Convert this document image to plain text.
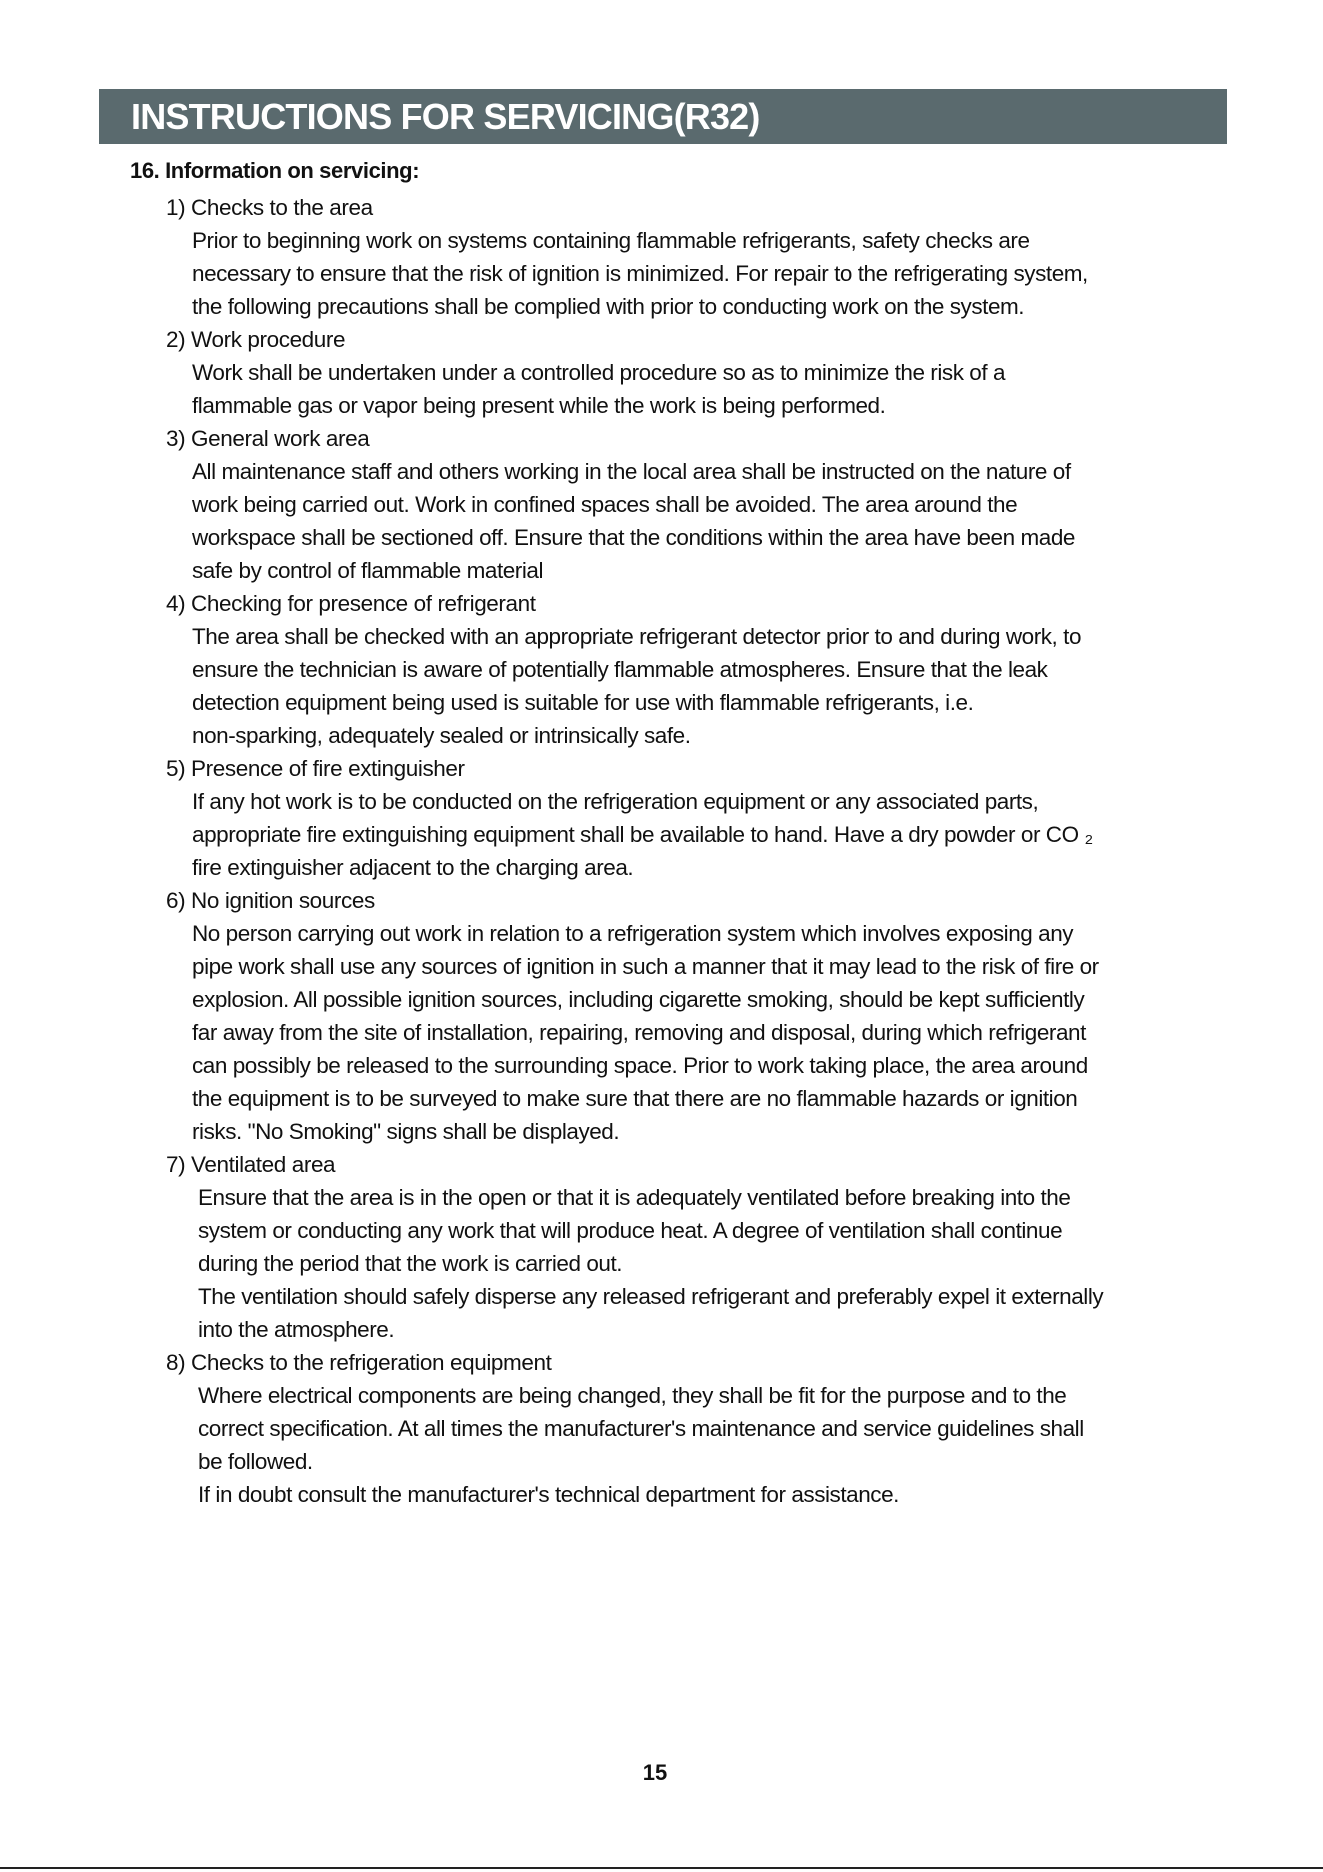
INSTRUCTIONS FOR SERVICING(R32)
16. Information on servicing:
1) Checks to the area
Prior to beginning work on systems containing flammable refrigerants, safety checks are
necessary to ensure that the risk of ignition is minimized. For repair to the refrigerating system,
the following precautions shall be complied with prior to conducting work on the system.
2) Work procedure
Work shall be undertaken under a controlled procedure so as to minimize the risk of a
flammable gas or vapor being present while the work is being performed.
3) General work area
All maintenance staff and others working in the local area shall be instructed on the nature of
work being carried out. Work in confined spaces shall be avoided. The area around the
workspace shall be sectioned off. Ensure that the conditions within the area have been made
safe by control of flammable material
4) Checking for presence of refrigerant
The area shall be checked with an appropriate refrigerant detector prior to and during work, to
ensure the technician is aware of potentially flammable atmospheres. Ensure that the leak
detection equipment being used is suitable for use with flammable refrigerants, i.e.
non-sparking, adequately sealed or intrinsically safe.
5) Presence of fire extinguisher
If any hot work is to be conducted on the refrigeration equipment or any associated parts,
appropriate fire extinguishing equipment shall be available to hand. Have a dry powder or CO ₂
fire extinguisher adjacent to the charging area.
6) No ignition sources
No person carrying out work in relation to a refrigeration system which involves exposing any
pipe work shall use any sources of ignition in such a manner that it may lead to the risk of fire or
explosion. All possible ignition sources, including cigarette smoking, should be kept sufficiently
far away from the site of installation, repairing, removing and disposal, during which refrigerant
can possibly be released to the surrounding space. Prior to work taking place, the area around
the equipment is to be surveyed to make sure that there are no flammable hazards or ignition
risks. "No Smoking" signs shall be displayed.
7) Ventilated area
Ensure that the area is in the open or that it is adequately ventilated before breaking into the
system or conducting any work that will produce heat. A degree of ventilation shall continue
during the period that the work is carried out.
The ventilation should safely disperse any released refrigerant and preferably expel it externally
into the atmosphere.
8) Checks to the refrigeration equipment
Where electrical components are being changed, they shall be fit for the purpose and to the
correct specification. At all times the manufacturer's maintenance and service guidelines shall
be followed.
If in doubt consult the manufacturer's technical department for assistance.
15
